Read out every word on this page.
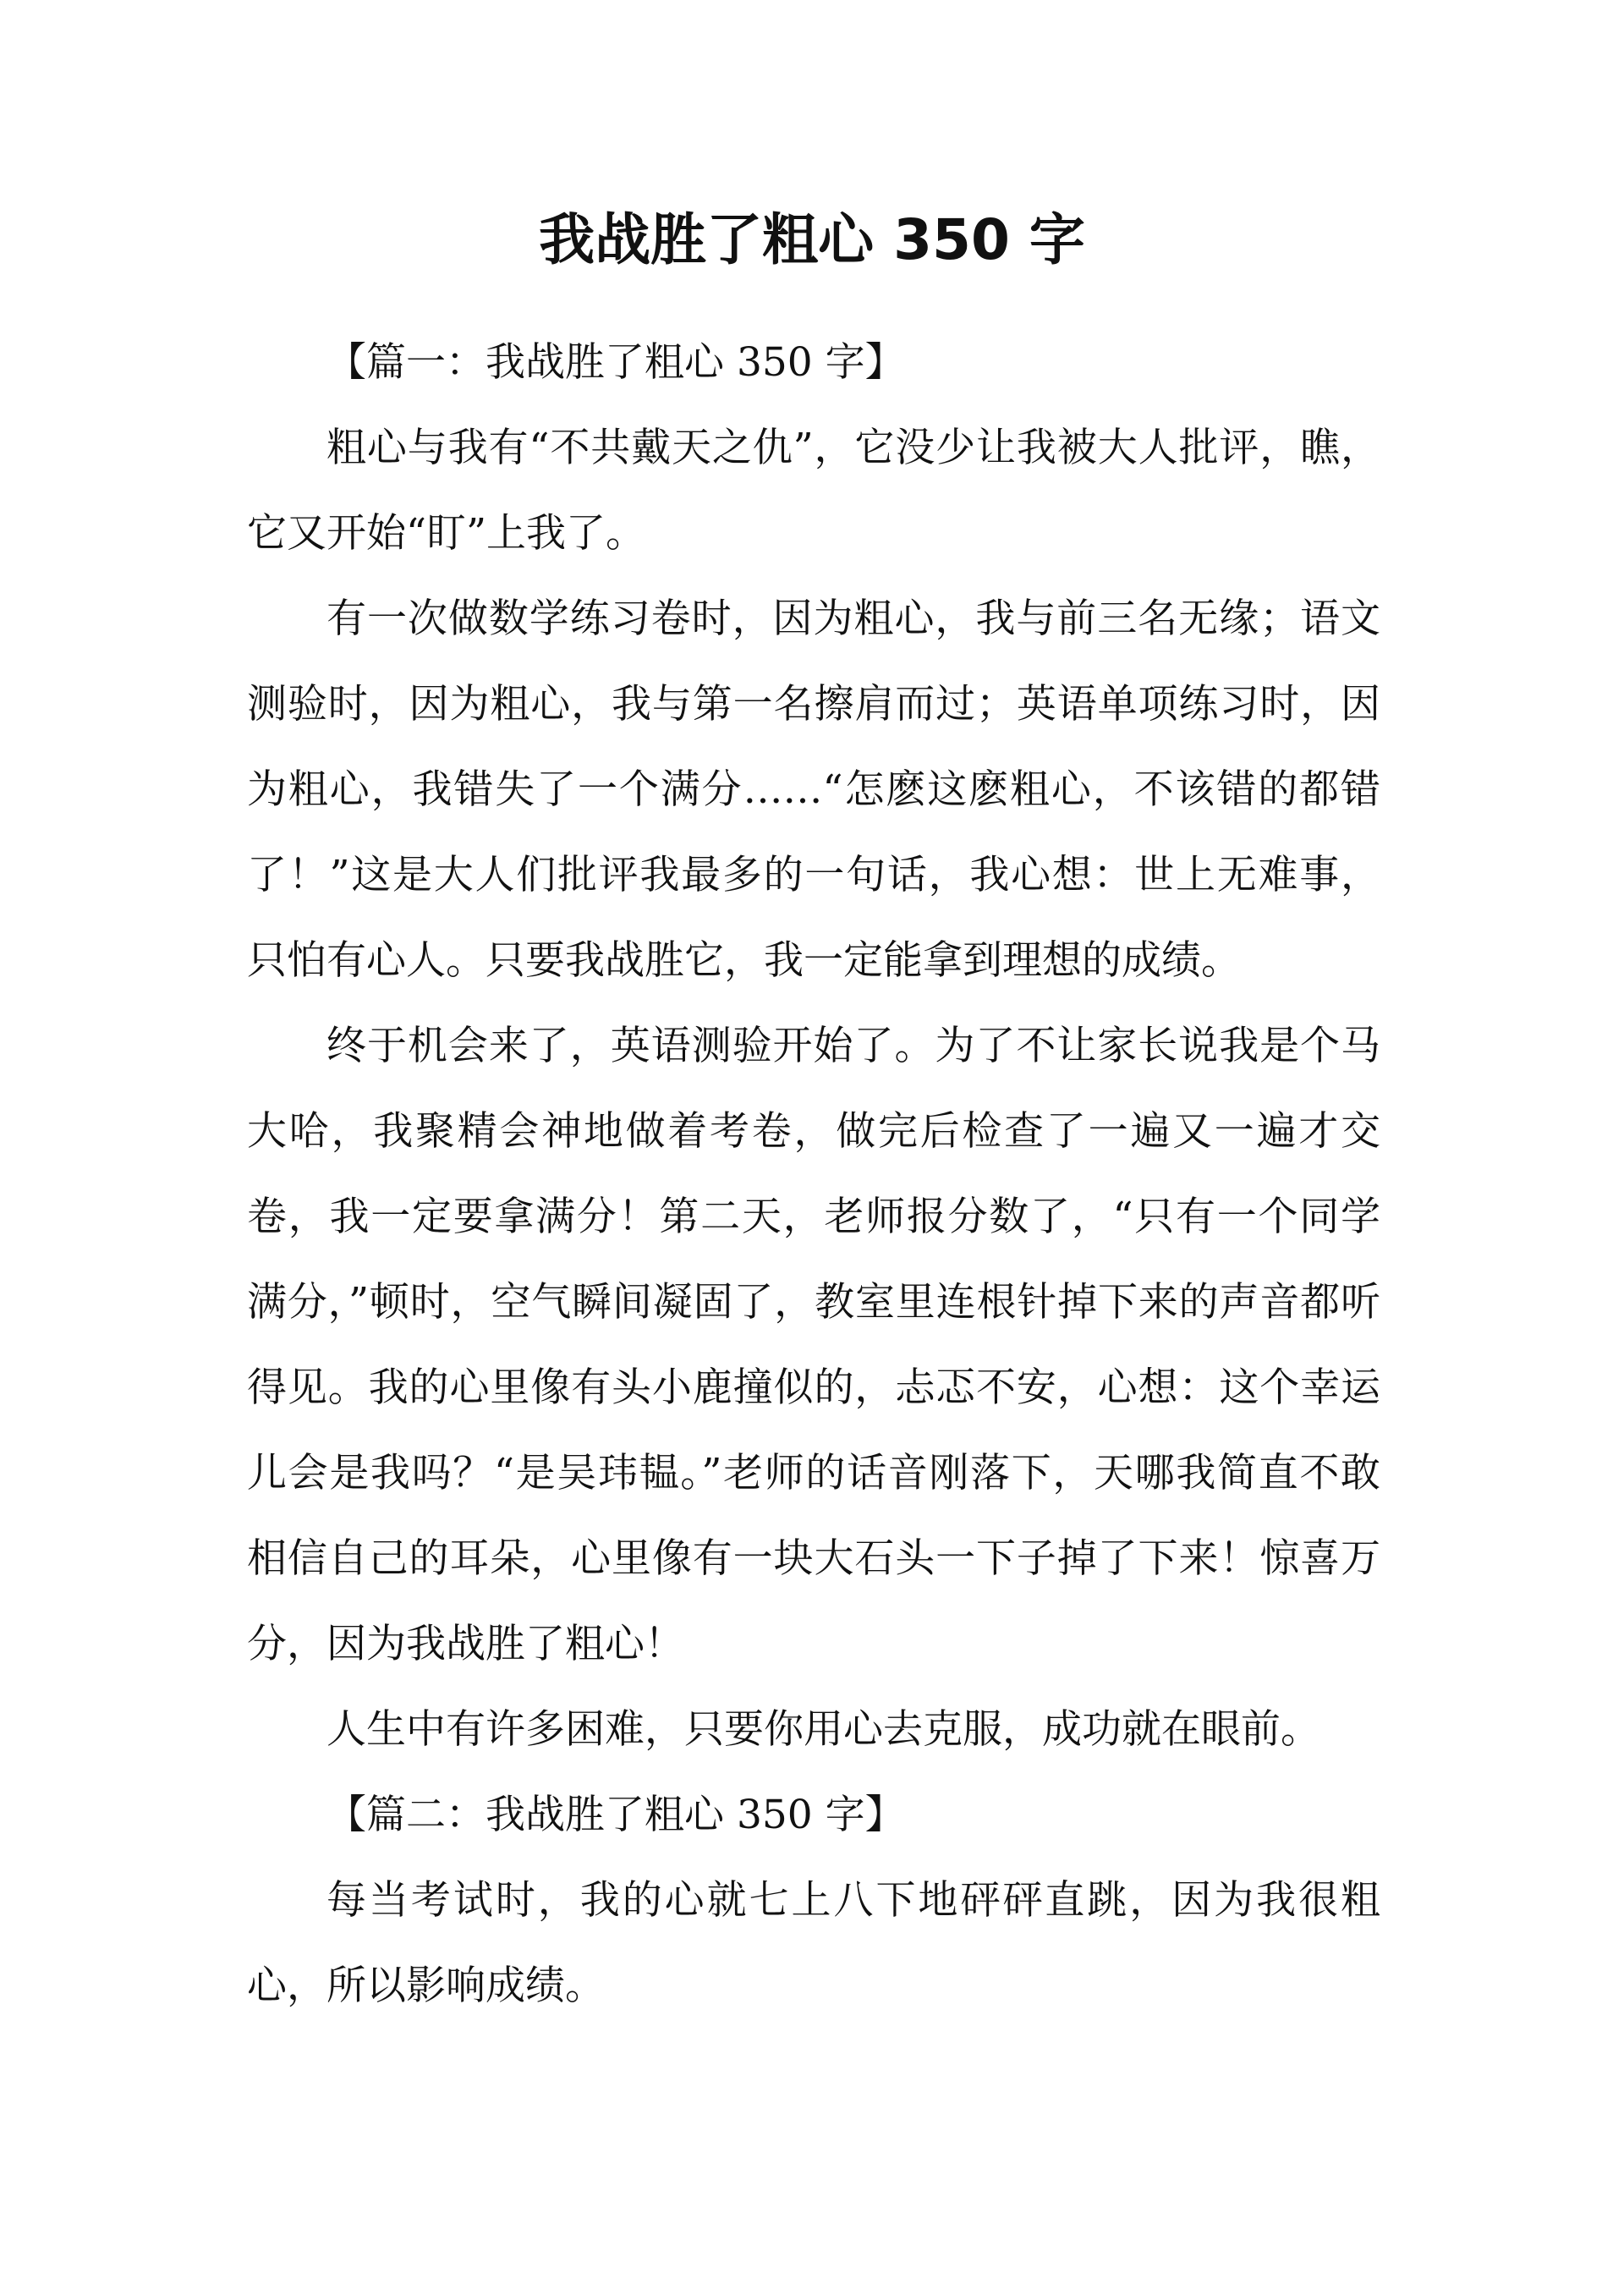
我战胜了粗心 350 字

【篇一：我战胜了粗心 350 字】

粗心与我有“不共戴天之仇”，它没少让我被大人批评，瞧，它又开始“盯”上我了。

有一次做数学练习卷时，因为粗心，我与前三名无缘；语文测验时，因为粗心，我与第一名擦肩而过；英语单项练习时，因为粗心，我错失了一个满分……“怎麽这麽粗心，不该错的都错了！”这是大人们批评我最多的一句话，我心想：世上无难事，只怕有心人。只要我战胜它，我一定能拿到理想的成绩。

终于机会来了，英语测验开始了。为了不让家长说我是个马大哈，我聚精会神地做着考卷，做完后检查了一遍又一遍才交卷，我一定要拿满分！第二天，老师报分数了，“只有一个同学满分，”顿时，空气瞬间凝固了，教室里连根针掉下来的声音都听得见。我的心里像有头小鹿撞似的，忐忑不安，心想：这个幸运儿会是我吗？“是吴玮韫。”老师的话音刚落下，天哪我简直不敢相信自己的耳朵，心里像有一块大石头一下子掉了下来！惊喜万分，因为我战胜了粗心！

人生中有许多困难，只要你用心去克服，成功就在眼前。

【篇二：我战胜了粗心 350 字】

每当考试时，我的心就七上八下地砰砰直跳，因为我很粗心，所以影响成绩。
